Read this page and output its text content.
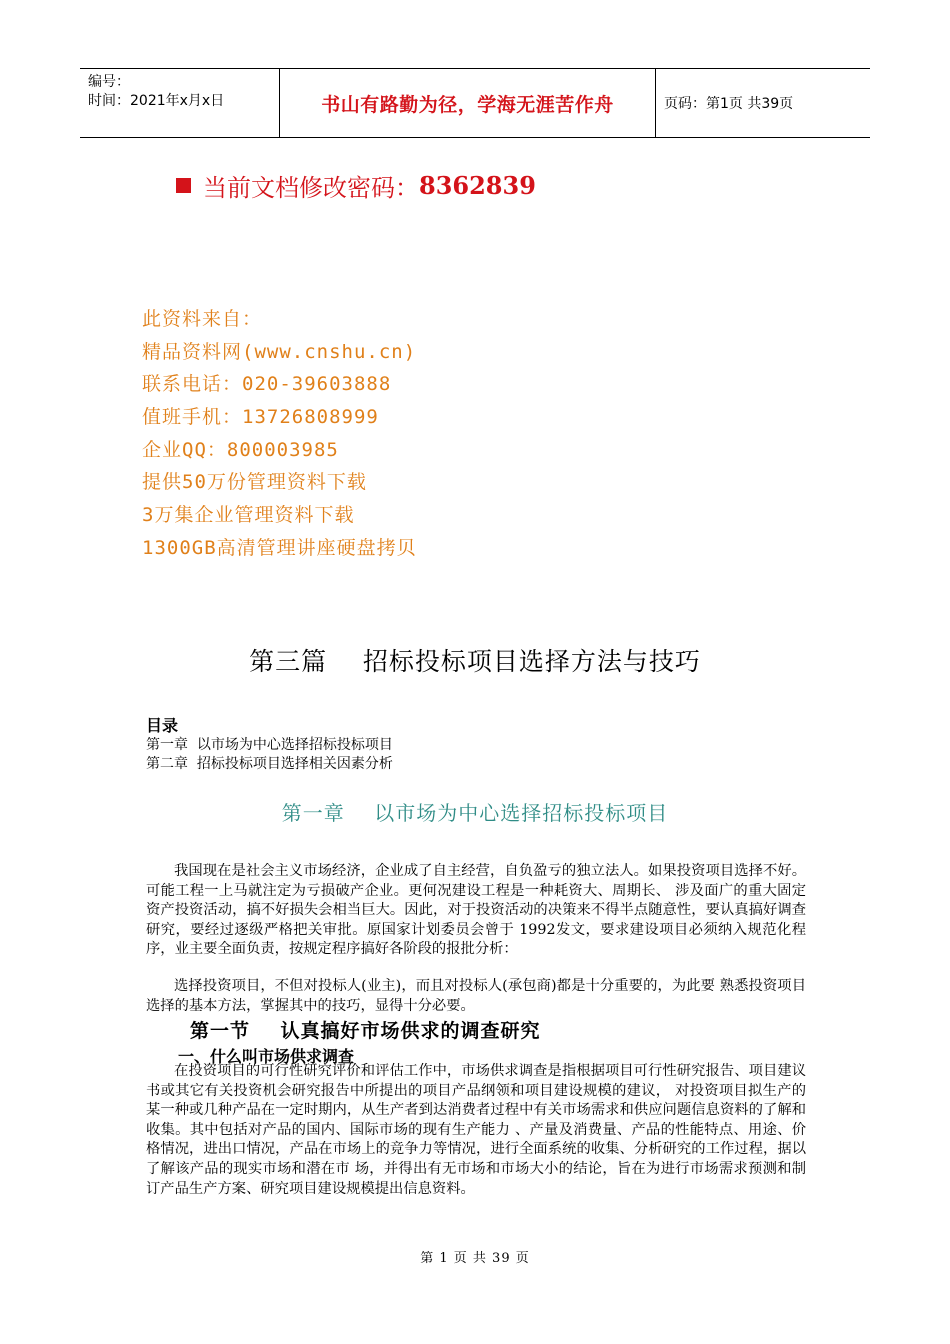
编号：
时间：2021年x月x日	书山有路勤为径，学海无涯苦作舟	页码：第1页 共39页
当前文档修改密码： 8362839
此资料来自：
精品资料网(www.cnshu.cn)
联系电话：020-39603888
值班手机：13726808999
企业QQ：800003985
提供50万份管理资料下载
3万集企业管理资料下载
1300GB高清管理讲座硬盘拷贝
第三篇    招标投标项目选择方法与技巧
目录
第一章  以市场为中心选择招标投标项目
第二章  招标投标项目选择相关因素分析
第一章    以市场为中心选择招标投标项目
我国现在是社会主义市场经济，企业成了自主经营，自负盈亏的独立法人。如果投资项目选择不好。可能工程一上马就注定为亏损破产企业。更何况建设工程是一种耗资大、周期长、 涉及面广的重大固定资产投资活动，搞不好损失会相当巨大。因此，对于投资活动的决策来不得半点随意性，要认真搞好调查研究，要经过逐级严格把关审批。原国家计划委员会曾于 1992发文，要求建设项目必须纳入规范化程序，业主要全面负责，按规定程序搞好各阶段的报批分析：
选择投资项目，不但对投标人(业主)，而且对投标人(承包商)都是十分重要的，为此要 熟悉投资项目选择的基本方法，掌握其中的技巧，显得十分必要。
第一节    认真搞好市场供求的调查研究
一、什么叫市场供求调查
在投资项目的可行性研究评价和评估工作中，市场供求调查是指根据项目可行性研究报告、项目建议书或其它有关投资机会研究报告中所提出的项目产品纲领和项目建设规模的建议， 对投资项目拟生产的某一种或几种产品在一定时期内，从生产者到达消费者过程中有关市场需求和供应问题信息资料的了解和收集。其中包括对产品的国内、国际市场的现有生产能力 、产量及消费量、产品的性能特点、用途、价格情况，进出口情况，产品在市场上的竞争力等情况，进行全面系统的收集、分析研究的工作过程，据以了解该产品的现实市场和潜在市 场，并得出有无市场和市场大小的结论，旨在为进行市场需求预测和制订产品生产方案、研究项目建设规模提出信息资料。
第 1 页 共 39 页
